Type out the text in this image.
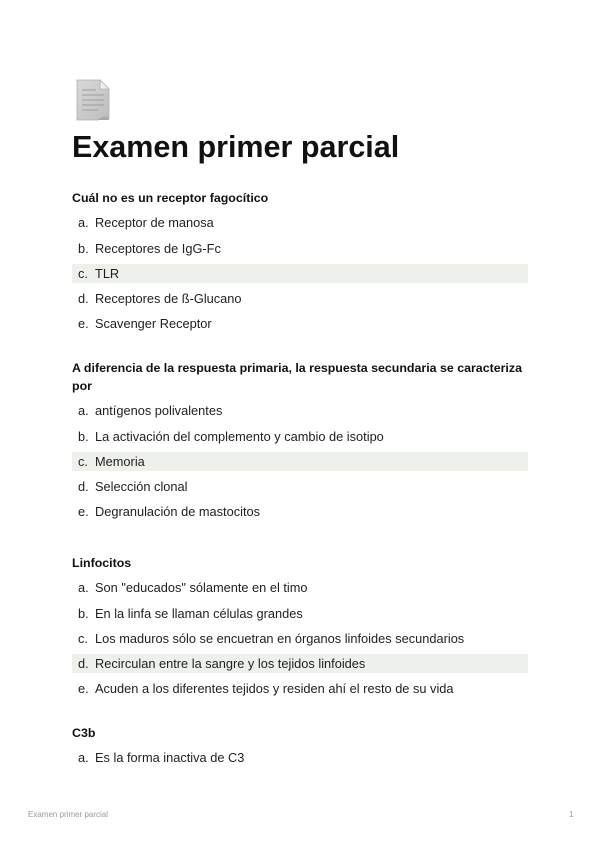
Examen primer parcial

Cuál no es un receptor fagocítico

a. Receptor de manosa
b. Receptores de IgG-Fc
c. TLR
d. Receptores de ß-Glucano
e. Scavenger Receptor

A diferencia de la respuesta primaria, la respuesta secundaria se caracteriza por

a. antígenos polivalentes
b. La activación del complemento y cambio de isotipo
c. Memoria
d. Selección clonal
e. Degranulación de mastocitos

Linfocitos

a. Son "educados" sólamente en el timo
b. En la linfa se llaman células grandes
c. Los maduros sólo se encuetran en órganos linfoides secundarios
d. Recirculan entre la sangre y los tejidos linfoides
e. Acuden a los diferentes tejidos y residen ahí el resto de su vida

C3b

a. Es la forma inactiva de C3
Examen primer parcial	1
